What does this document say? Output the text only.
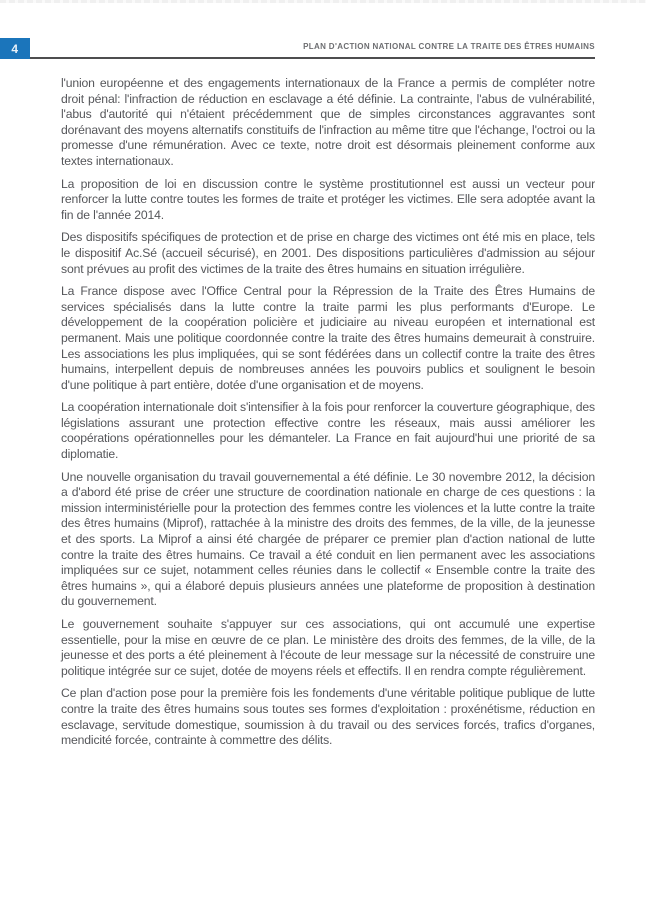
4	PLAN D'ACTION NATIONAL CONTRE LA TRAITE DES ÊTRES HUMAINS

l'union européenne et des engagements internationaux de la France a permis de compléter notre droit pénal: l'infraction de réduction en esclavage a été définie. La contrainte, l'abus de vulnérabilité, l'abus d'autorité qui n'étaient précédemment que de simples circonstances aggravantes sont dorénavant des moyens alternatifs constituifs de l'infraction au même titre que l'échange, l'octroi ou la promesse d'une rémunération. Avec ce texte, notre droit est désormais pleinement conforme aux textes internationaux.

La proposition de loi en discussion contre le système prostitutionnel est aussi un vecteur pour renforcer la lutte contre toutes les formes de traite et protéger les victimes. Elle sera adoptée avant la fin de l'année 2014.

Des dispositifs spécifiques de protection et de prise en charge des victimes ont été mis en place, tels le dispositif Ac.Sé (accueil sécurisé), en 2001. Des dispositions particulières d'admission au séjour sont prévues au profit des victimes de la traite des êtres humains en situation irrégulière.

La France dispose avec l'Office Central pour la Répression de la Traite des Êtres Humains de services spécialisés dans la lutte contre la traite parmi les plus performants d'Europe. Le développement de la coopération policière et judiciaire au niveau européen et international est permanent. Mais une politique coordonnée contre la traite des êtres humains demeurait à construire. Les associations les plus impliquées, qui se sont fédérées dans un collectif contre la traite des êtres humains, interpellent depuis de nombreuses années les pouvoirs publics et soulignent le besoin d'une politique à part entière, dotée d'une organisation et de moyens.

La coopération internationale doit s'intensifier à la fois pour renforcer la couverture géographique, des législations assurant une protection effective contre les réseaux, mais aussi améliorer les coopérations opérationnelles pour les démanteler. La France en fait aujourd'hui une priorité de sa diplomatie.

Une nouvelle organisation du travail gouvernemental a été définie. Le 30 novembre 2012, la décision a d'abord été prise de créer une structure de coordination nationale en charge de ces questions : la mission interministérielle pour la protection des femmes contre les violences et la lutte contre la traite des êtres humains (Miprof), rattachée à la ministre des droits des femmes, de la ville, de la jeunesse et des sports. La Miprof a ainsi été chargée de préparer ce premier plan d'action national de lutte contre la traite des êtres humains. Ce travail a été conduit en lien permanent avec les associations impliquées sur ce sujet, notamment celles réunies dans le collectif « Ensemble contre la traite des êtres humains », qui a élaboré depuis plusieurs années une plateforme de proposition à destination du gouvernement.

Le gouvernement souhaite s'appuyer sur ces associations, qui ont accumulé une expertise essentielle, pour la mise en œuvre de ce plan. Le ministère des droits des femmes, de la ville, de la jeunesse et des ports a été pleinement à l'écoute de leur message sur la nécessité de construire une politique intégrée sur ce sujet, dotée de moyens réels et effectifs. Il en rendra compte régulièrement.

Ce plan d'action pose pour la première fois les fondements d'une véritable politique publique de lutte contre la traite des êtres humains sous toutes ses formes d'exploitation : proxénétisme, réduction en esclavage, servitude domestique, soumission à du travail ou des services forcés, trafics d'organes, mendicité forcée, contrainte à commettre des délits.
